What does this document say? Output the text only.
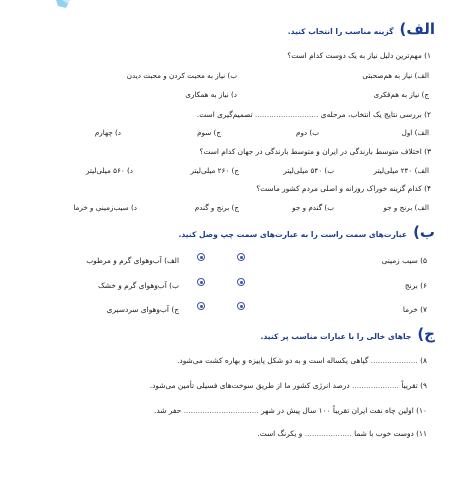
الف)
گزینه مناسب را انتخاب کنید.
۱) مهم‌ترین دلیل نیاز به یک دوست کدام است؟
الف) نیاز به هم‌صحبتی
ب) نیاز به محبت کردن و محبت دیدن
ج) نیاز به هم‌فکری
د) نیاز به همکاری
۲) بررسی نتایج یک انتخاب، مرحله‌ی ........................... تصمیم‌گیری است.
الف) اول
ب) دوم
ج) سوم
د) چهارم
۳) اختلاف متوسط بارندگی در ایران و متوسط بارندگی در جهان کدام است؟
الف) ۲۴۰ میلی‌لیتر
ب) ۵۴۰ میلی‌لیتر
ج) ۲۶۰ میلی‌لیتر
د) ۵۶۰ میلی‌لیتر
۴) کدام گزینه خوراک روزانه و اصلی مردم کشور ماست؟
الف) برنج و جو
ب) گندم و جو
ج) برنج و گندم
د) سیب‌زمینی و خرما
ب)
عبارت‌های سمت راست را به عبارت‌های سمت چپ وصل کنید.
۵) سیب زمینی
الف) آب‌وهوای گرم و مرطوب
۶) برنج
ب) آب‌وهوای گرم و خشک
۷) خرما
ج) آب‌وهوای سردسیری
ج)
جاهای خالی را با عبارات مناسب پر کنید.
۸) .................... گیاهی یکساله است و به دو شکل پاییزه و بهاره کشت می‌شود.
۹) تقریباً .................... درصد انرژی کشور ما از طریق سوخت‌های فسیلی تأمین می‌شود.
۱۰) اولین چاه نفت ایران تقریباً ۱۰۰ سال پیش در شهر ................................ حفر شد.
۱۱) دوست خوب با شما .................... و یکرنگ است.
